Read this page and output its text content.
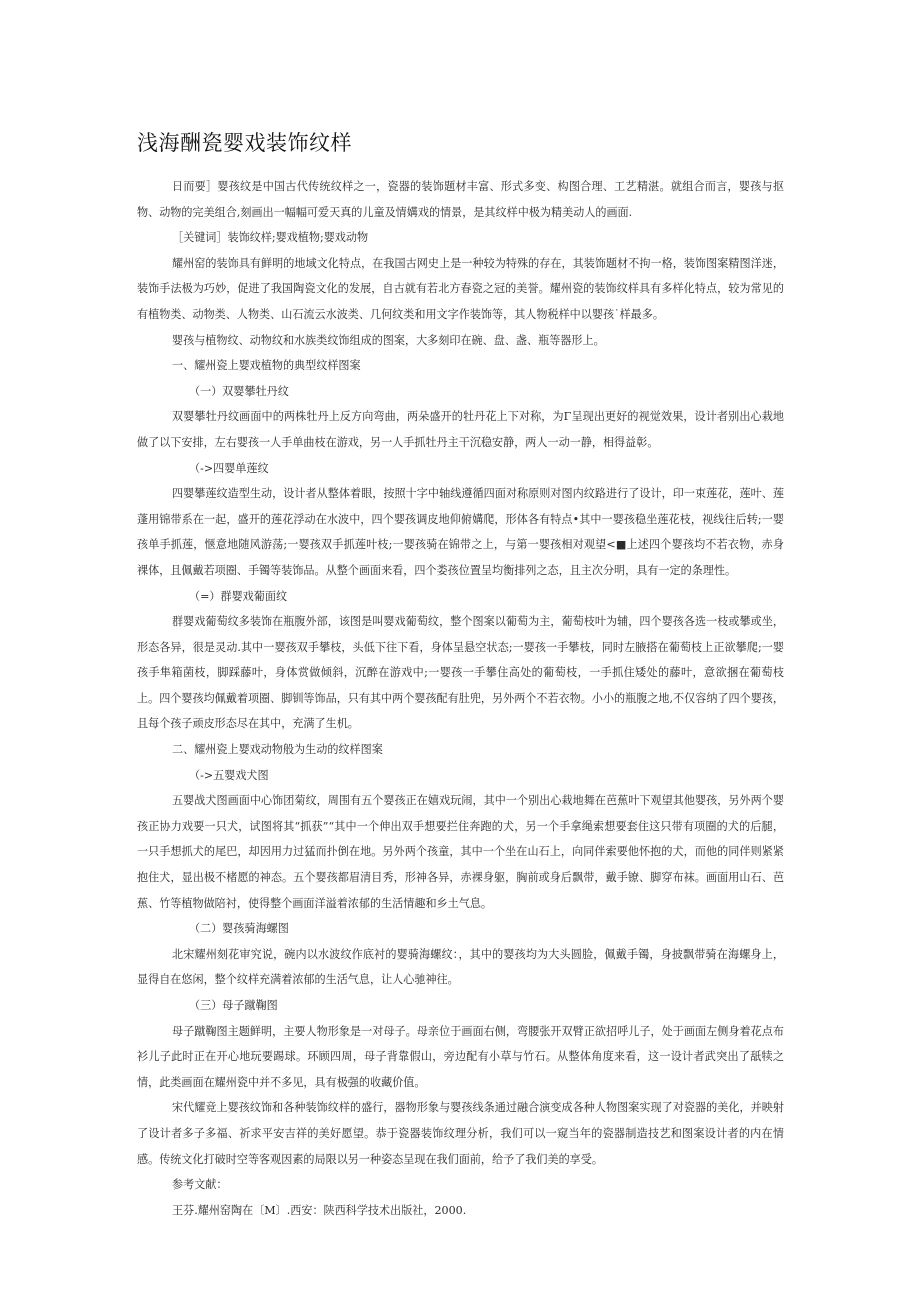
浅海酬瓷婴戏装饰纹样

日而要］婴孩纹是中国古代传统纹样之一，瓷器的装饰题材丰富、形式多变、构图合理、工艺精湛。就组合而言，婴孩与抠物、动物的完美组合,刻画出一幅幅可爱天真的儿童及情媾戏的情景，是其纹样中极为精美动人的画面.

［关键词］装饰纹样;婴戏植物;婴戏动物

耀州窑的装饰具有鲜明的地域文化特点，在我国古网史上是一种较为特殊的存在，其装饰题材不拘一格，装饰图案精图洋迷，装饰手法极为巧妙，促进了我国陶瓷文化的发展，自古就有若北方春瓷之冠的美誉。耀州瓷的装饰纹样具有多样化特点，较为常见的有植物类、动物类、人物类、山石流云水波类、几何纹类和用文字作装饰等，其人物税样中以婴孩˙样最多。

婴孩与植物纹、动物纹和水族类纹饰组成的图案，大多刻印在碗、盘、盏、瓶等器形上。

一、耀州瓷上婴戏植物的典型纹样图案

（一）双婴攀牡丹纹

双婴攀牡丹纹画面中的两株牡丹上反方向弯曲，两朵盛开的牡丹花上下对称，为Γ呈现出更好的视觉效果，设计者别出心栽地做了以下安排，左右婴孩一人手单曲枝在游戏，另一人手抓牡丹主干沉稳安静，两人一动一静，相得益彰。

（->四婴单莲纹

四婴攀莲纹造型生动，设计者从整体着眼，按照十字中轴线遵循四面对称原则对图内纹路进行了设计，印一束莲花，莲叶、莲蓬用锦带系在一起，盛开的莲花浮动在水波中，四个婴孩调皮地仰俯媾爬，形体各有特点•其中一婴孩稳坐莲花枝，视线往后转;一婴孩单手抓莲，惬意地随风游荡;一婴孩双手抓莲叶枝;一婴孩骑在锦带之上，与第一婴孩相对观望<■上述四个婴孩均不若衣物，赤身裸体，且佩戴若项圈、手镯等装饰品。从整个画面来看，四个娄孩位置呈均衡排列之态，且主次分明，具有一定的条理性。

（=）群婴戏葡面纹

群婴戏葡萄纹多装饰在瓶腹外部，该图是叫婴戏葡萄纹，整个图案以葡萄为主，葡萄枝叶为辅，四个婴孩各选一枝或攀或坐，形态各异，很是灵动.其中一婴孩双手攀枝，头低下往下看，身体呈悬空状态;一婴孩一手攀枝，同时左腋搭在葡萄枝上正欲攀爬;一婴孩手隼箱菌枝，脚踩藤叶，身体赏做倾斜，沉醉在游戏中;一婴孩一手攀住高处的葡萄枝，一手抓住矮处的藤叶，意欲捆在葡萄枝上。四个婴孩均佩戴着项圈、脚钏等饰品，只有其中两个婴孩配有肚兜，另外两个不若衣物。小小的瓶腹之地,不仅容纳了四个婴孩，且每个孩子顽皮形态尽在其中，充满了生机。

二、耀州瓷上婴戏动物般为生动的纹样图案

（->五婴戏犬图

五婴战犬图画面中心饰团菊纹，周围有五个婴孩正在嬉戏玩闹，其中一个别出心栽地舞在芭蕉叶下观望其他婴孩，另外两个婴孩正协力戏要一只犬，试图将其“抓获”“其中一个伸出双手想要拦住奔跑的犬，另一个手拿绳索想要套住这只带有项圈的犬的后腿，一只手想抓犬的尾巴，却因用力过猛而扑倒在地。另外两个孩童，其中一个坐在山石上，向同伴索要他怀抱的犬，而他的同伴则紧紧抱住犬，显出极不楮愿的神态。五个婴孩都眉清目秀，形神各异，赤裸身躯，胸前或身后飘带，戴手镣、脚穿布袜。画面用山石、芭蕉、竹等植物做陪衬，使得整个画面洋溢着浓郁的生活情趣和乡土气息。

（二）婴孩骑海螺图

北宋耀州刻花审究说，碗内以水波纹作底衬的婴骑海螺纹：，其中的婴孩均为大头圆脸，佩戴手镯，身披飘带骑在海螺身上，显得自在悠闲，整个纹样充满着浓郁的生活气息，让人心驰神往。

（三）母子蹴鞠图

母子蹴鞠图主题鲜明，主要人物形象是一对母子。母亲位于画面右侧，弯腰张开双臂正欲招呼儿子，处于画面左侧身着花点布衫儿子此时正在开心地玩要踢球。环顾四周，母子背靠假山，旁边配有小草与竹石。从整体角度来看，这一设计者武突出了舐犊之情，此类画面在耀州瓷中并不多见，具有极强的收藏价值。

宋代耀竞上婴孩纹饰和各种装饰纹样的盛行，器物形象与婴孩线条通过融合演变成各种人物图案实现了对瓷器的美化，并映射了设计者多子多福、祈求平安吉祥的美好愿望。恭于瓷器装饰纹理分析，我们可以一窥当年的瓷器制造技艺和图案设计者的内在情感。传统文化打破时空等客观因素的局限以另一种姿态呈现在我们面前，给予了我们美的享受。

参考文献：

王芬.耀州窑陶在〔Μ〕.西安：陕西科学技术出版社，2000.
